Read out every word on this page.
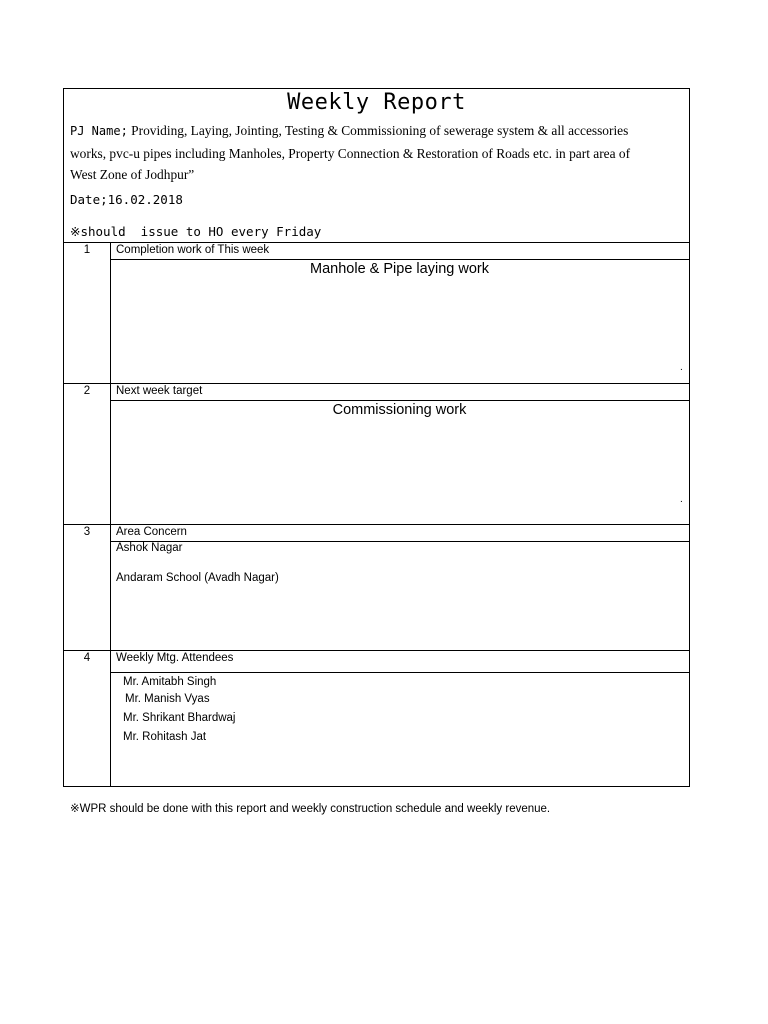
Weekly Report
PJ Name; Providing, Laying, Jointing, Testing & Commissioning of sewerage system & all accessories
works, pvc-u pipes including Manholes, Property Connection & Restoration of Roads etc. in part area of
West Zone of Jodhpur”
Date;16.02.2018
※should  issue to HO every Friday
1	Completion work of This week
Manhole & Pipe laying work
.
2	Next week target
Commissioning work
.
3	Area Concern
Ashok Nagar
Andaram School (Avadh Nagar)
4	Weekly Mtg. Attendees
Mr. Amitabh Singh
Mr. Manish Vyas
Mr. Shrikant Bhardwaj
Mr. Rohitash Jat
※WPR should be done with this report and weekly construction schedule and weekly revenue.
